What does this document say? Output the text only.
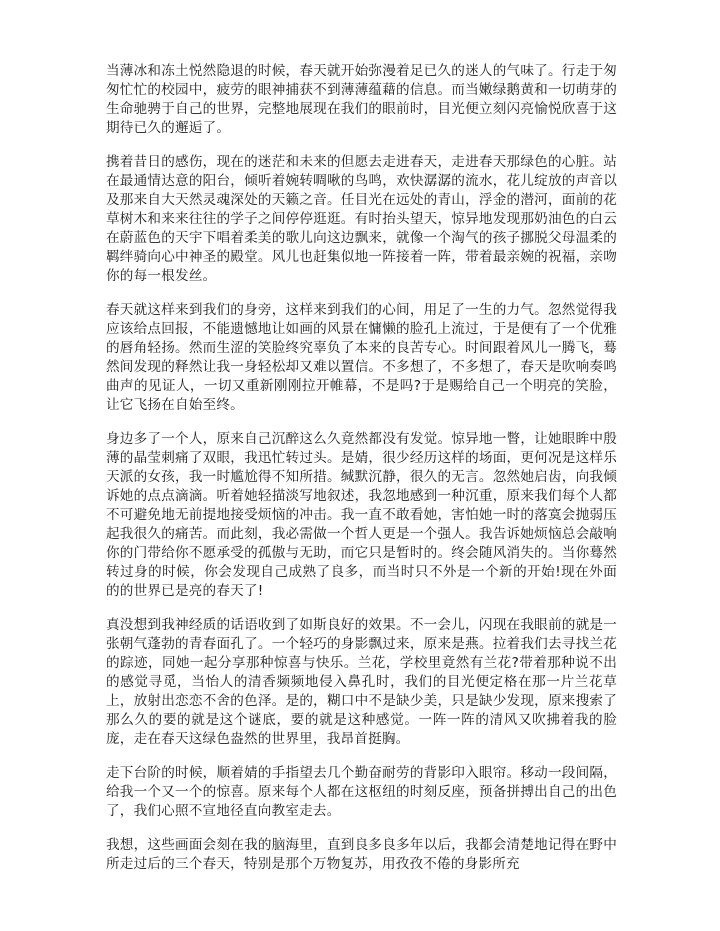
当薄冰和冻土悦然隐退的时候，春天就开始弥漫着足已久的迷人的气味了。行走于匆匆忙忙的校园中，疲劳的眼神捕获不到薄薄蕴藉的信息。而当嫩绿鹅黄和一切萌芽的生命驰骋于自己的世界，完整地展现在我们的眼前时，目光便立刻闪亮愉悦欣喜于这期待已久的邂逅了。

携着昔日的感伤，现在的迷茫和未来的但愿去走进春天，走进春天那绿色的心脏。站在最通情达意的阳台，倾听着婉转啁啾的鸟鸣，欢快潺潺的流水，花儿绽放的声音以及那来自大天然灵魂深处的天籁之音。任目光在远处的青山，浮金的潜河，面前的花草树木和来来往往的学子之间停停逛逛。有时抬头望天，惊异地发现那奶油色的白云在蔚蓝色的天宇下唱着柔美的歌儿向这边飘来，就像一个淘气的孩子挪脱父母温柔的羁绊骑向心中神圣的殿堂。风儿也赶集似地一阵接着一阵，带着最亲婉的祝福，亲吻你的每一根发丝。

春天就这样来到我们的身旁，这样来到我们的心间，用足了一生的力气。忽然觉得我应该给点回报，不能遗憾地让如画的风景在慵懒的脸孔上流过，于是便有了一个优雅的唇角轻扬。然而生涩的笑脸终究辜负了本来的良苦专心。时间跟着风儿一腾飞，蓦然间发现的释然让我一身轻松却又难以置信。不多想了，不多想了，春天是吹响奏鸣曲声的见证人，一切又重新刚刚拉开帷幕，不是吗?于是赐给自己一个明亮的笑脸，让它飞扬在自始至终。

身边多了一个人，原来自己沉醉这么久竟然都没有发觉。惊异地一瞥，让她眼眸中殷薄的晶莹刺痛了双眼，我迅忙转过头。是婧，很少经历这样的场面，更何况是这样乐天派的女孩，我一时尴尬得不知所措。缄默沉静，很久的无言。忽然她启齿，向我倾诉她的点点滴滴。听着她轻描淡写地叙述，我忽地感到一种沉重，原来我们每个人都不可避免地无前提地接受烦恼的冲击。我一直不敢看她，害怕她一时的落寞会抛弱压起我很久的痛苦。而此刻，我必需做一个哲人更是一个强人。我告诉她烦恼总会敲响你的门带给你不愿承受的孤傲与无助，而它只是暂时的。终会随风消失的。当你蓦然转过身的时候，你会发现自己成熟了良多，而当时只不外是一个新的开始!现在外面的的世界已是亮的春天了!

真没想到我神经质的话语收到了如斯良好的效果。不一会儿，闪现在我眼前的就是一张朝气蓬勃的青春面孔了。一个轻巧的身影飘过来，原来是燕。拉着我们去寻找兰花的踪迹，同她一起分享那种惊喜与快乐。兰花，学校里竟然有兰花?带着那种说不出的感觉寻觅，当怡人的清香频频地侵入鼻孔时，我们的目光便定格在那一片兰花草上，放射出恋恋不舍的色泽。是的，糊口中不是缺少美，只是缺少发现，原来搜索了那么久的要的就是这个谜底，要的就是这种感觉。一阵一阵的清风又吹拂着我的脸庞，走在春天这绿色盎然的世界里，我昂首挺胸。

走下台阶的时候，顺着婧的手指望去几个勤奋耐劳的背影印入眼帘。移动一段间隔，给我一个又一个的惊喜。原来每个人都在这枢纽的时刻反座，预备拼搏出自己的出色了，我们心照不宣地径直向教室走去。

我想，这些画面会刻在我的脑海里，直到良多良多年以后，我都会清楚地记得在野中所走过后的三个春天，特别是那个万物复苏，用孜孜不倦的身影所充
